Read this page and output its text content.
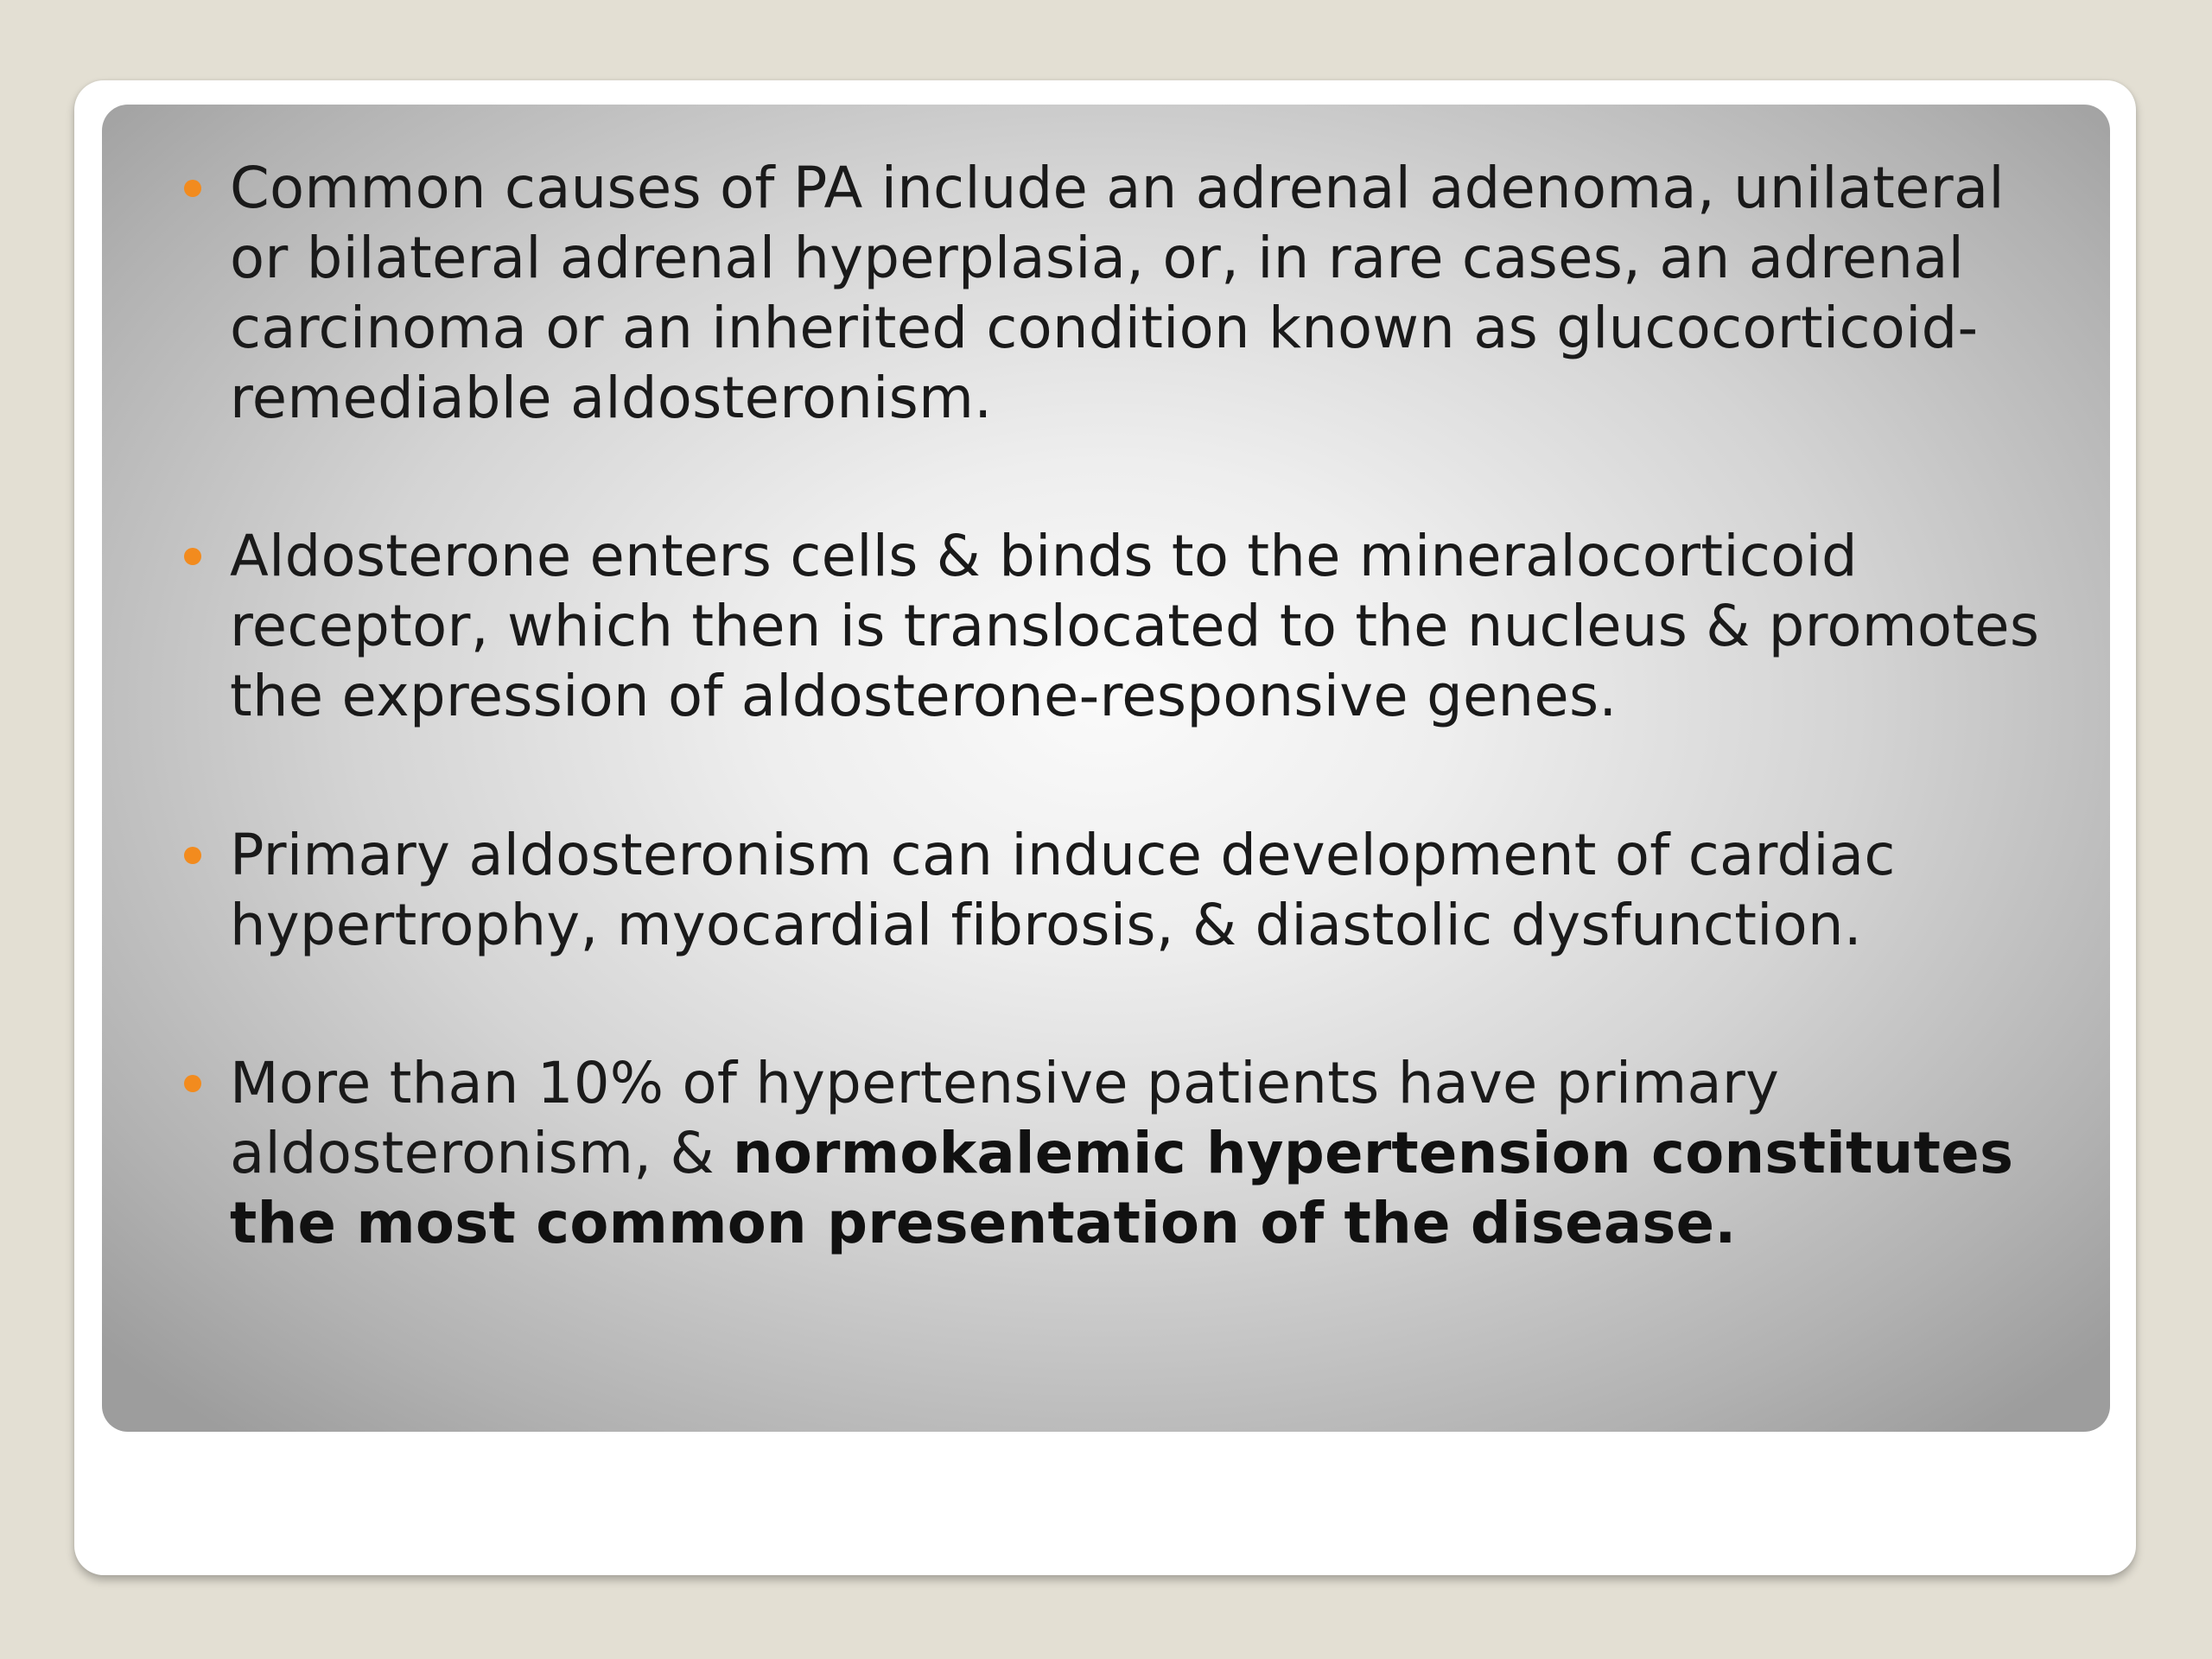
Common causes of PA include an adrenal adenoma, unilateral
or bilateral adrenal hyperplasia, or, in rare cases, an adrenal
carcinoma or an inherited condition known as glucocorticoid-
remediable aldosteronism.
Aldosterone enters cells & binds to the mineralocorticoid
receptor, which then is translocated to the nucleus & promotes
the expression of aldosterone-responsive genes.
Primary aldosteronism can induce development of cardiac
hypertrophy, myocardial fibrosis, & diastolic dysfunction.
More than 10% of hypertensive patients have primary
aldosteronism, & normokalemic hypertension constitutes
the most common presentation of the disease.
